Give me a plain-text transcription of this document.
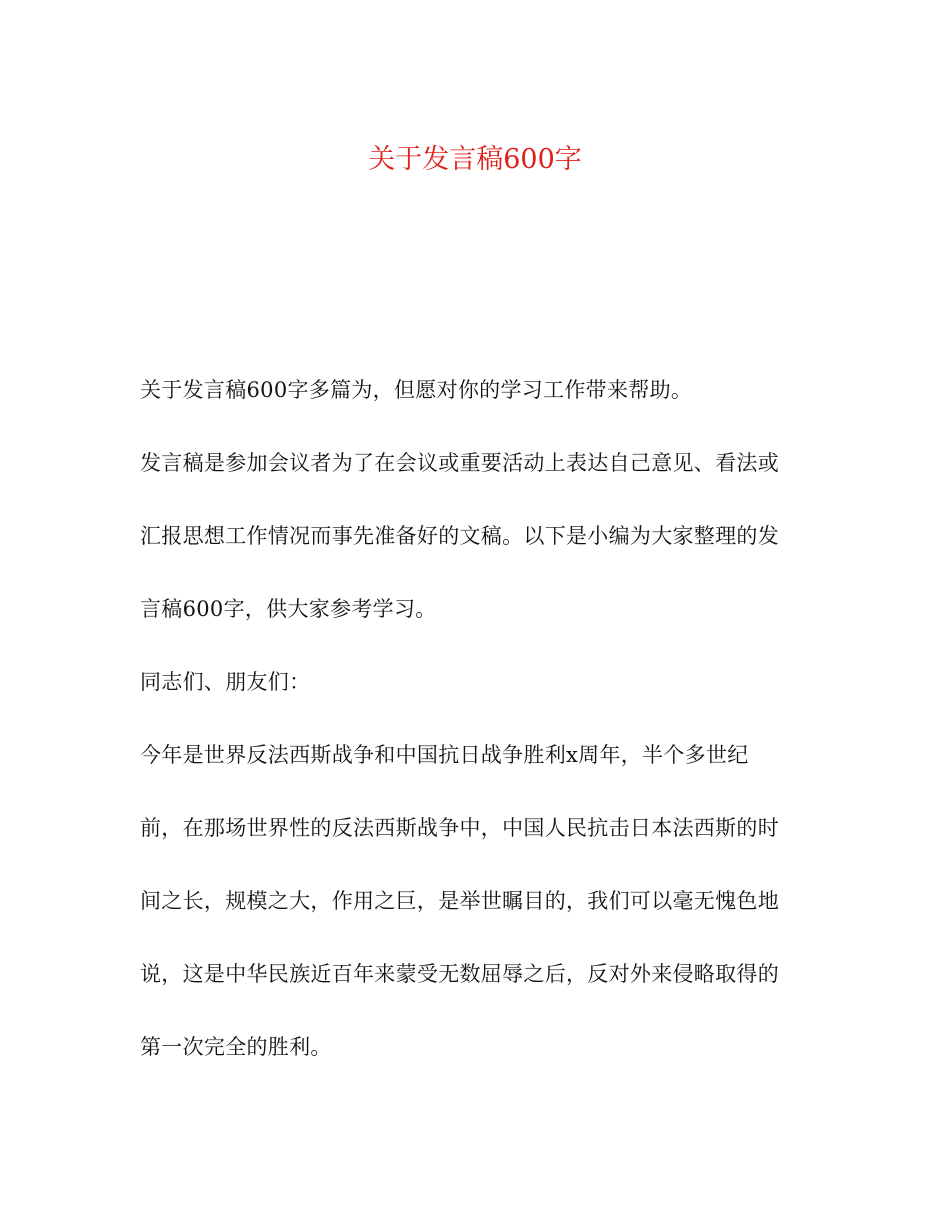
关于发言稿600字
关于发言稿600字多篇为，但愿对你的学习工作带来帮助。
发言稿是参加会议者为了在会议或重要活动上表达自己意见、看法或
汇报思想工作情况而事先准备好的文稿。以下是小编为大家整理的发
言稿600字，供大家参考学习。
同志们、朋友们：
今年是世界反法西斯战争和中国抗日战争胜利x周年，半个多世纪
前，在那场世界性的反法西斯战争中，中国人民抗击日本法西斯的时
间之长，规模之大，作用之巨，是举世瞩目的，我们可以毫无愧色地
说，这是中华民族近百年来蒙受无数屈辱之后，反对外来侵略取得的
第一次完全的胜利。
